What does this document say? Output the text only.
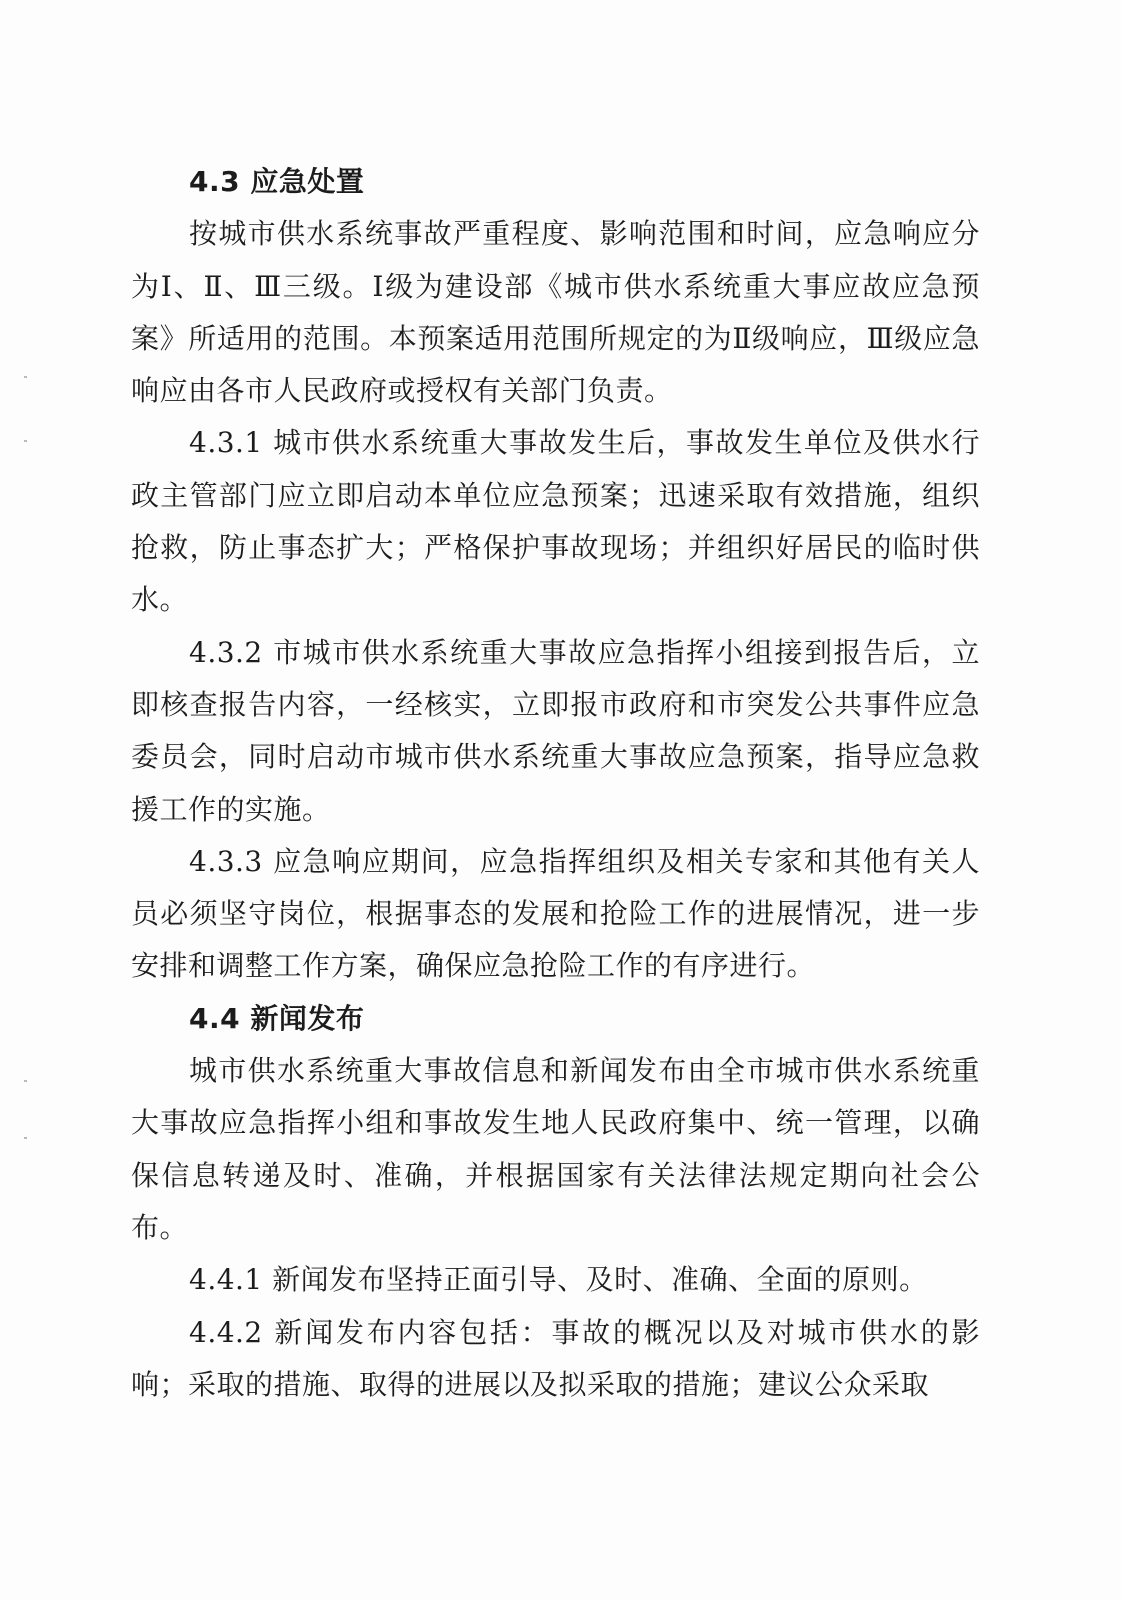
4.3 应急处置

按城市供水系统事故严重程度、影响范围和时间，应急响应分为Ⅰ、Ⅱ、Ⅲ三级。Ⅰ级为建设部《城市供水系统重大事应故应急预案》所适用的范围。本预案适用范围所规定的为Ⅱ级响应，Ⅲ级应急响应由各市人民政府或授权有关部门负责。

4.3.1 城市供水系统重大事故发生后，事故发生单位及供水行政主管部门应立即启动本单位应急预案；迅速采取有效措施，组织抢救，防止事态扩大；严格保护事故现场；并组织好居民的临时供水。

4.3.2 市城市供水系统重大事故应急指挥小组接到报告后，立即核查报告内容，一经核实，立即报市政府和市突发公共事件应急委员会，同时启动市城市供水系统重大事故应急预案，指导应急救援工作的实施。

4.3.3 应急响应期间，应急指挥组织及相关专家和其他有关人员必须坚守岗位，根据事态的发展和抢险工作的进展情况，进一步安排和调整工作方案，确保应急抢险工作的有序进行。

4.4 新闻发布

城市供水系统重大事故信息和新闻发布由全市城市供水系统重大事故应急指挥小组和事故发生地人民政府集中、统一管理，以确保信息转递及时、准确，并根据国家有关法律法规定期向社会公布。

4.4.1 新闻发布坚持正面引导、及时、准确、全面的原则。

4.4.2 新闻发布内容包括：事故的概况以及对城市供水的影响；采取的措施、取得的进展以及拟采取的措施；建议公众采取
